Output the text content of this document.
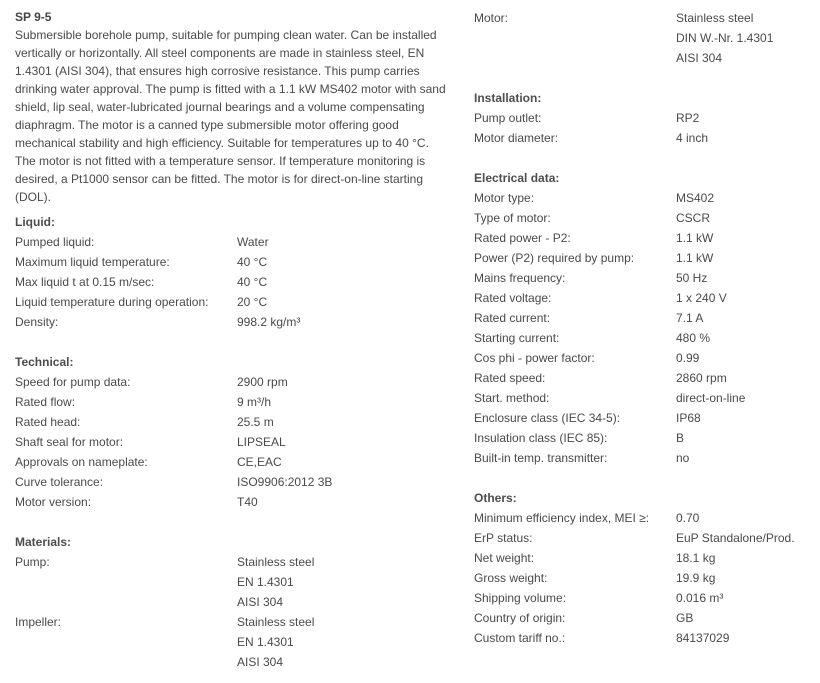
SP 9-5

Submersible borehole pump, suitable for pumping clean water. Can be installed vertically or horizontally. All steel components are made in stainless steel, EN 1.4301 (AISI 304), that ensures high corrosive resistance. This pump carries drinking water approval. The pump is fitted with a 1.1 kW MS402 motor with sand shield, lip seal, water-lubricated journal bearings and a volume compensating diaphragm. The motor is a canned type submersible motor offering good mechanical stability and high efficiency. Suitable for temperatures up to 40 °C. The motor is not fitted with a temperature sensor. If temperature monitoring is desired, a Pt1000 sensor can be fitted. The motor is for direct-on-line starting (DOL).

Liquid:
Pumped liquid:	Water
Maximum liquid temperature:	40 °C
Max liquid t at 0.15 m/sec:	40 °C
Liquid temperature during operation:	20 °C
Density:	998.2 kg/m³
Technical:
Speed for pump data:	2900 rpm
Rated flow:	9 m³/h
Rated head:	25.5 m
Shaft seal for motor:	LIPSEAL
Approvals on nameplate:	CE,EAC
Curve tolerance:	ISO9906:2012 3B
Motor version:	T40
Materials:
Pump:	Stainless steel
EN 1.4301
AISI 304
Impeller:	Stainless steel
EN 1.4301
AISI 304
Motor:	Stainless steel
DIN W.-Nr. 1.4301
AISI 304
Installation:
Pump outlet:	RP2
Motor diameter:	4 inch
Electrical data:
Motor type:	MS402
Type of motor:	CSCR
Rated power - P2:	1.1 kW
Power (P2) required by pump:	1.1 kW
Mains frequency:	50 Hz
Rated voltage:	1 x 240 V
Rated current:	7.1 A
Starting current:	480 %
Cos phi - power factor:	0.99
Rated speed:	2860 rpm
Start. method:	direct-on-line
Enclosure class (IEC 34-5):	IP68
Insulation class (IEC 85):	B
Built-in temp. transmitter:	no
Others:
Minimum efficiency index, MEI ≥:	0.70
ErP status:	EuP Standalone/Prod.
Net weight:	18.1 kg
Gross weight:	19.9 kg
Shipping volume:	0.016 m³
Country of origin:	GB
Custom tariff no.:	84137029
